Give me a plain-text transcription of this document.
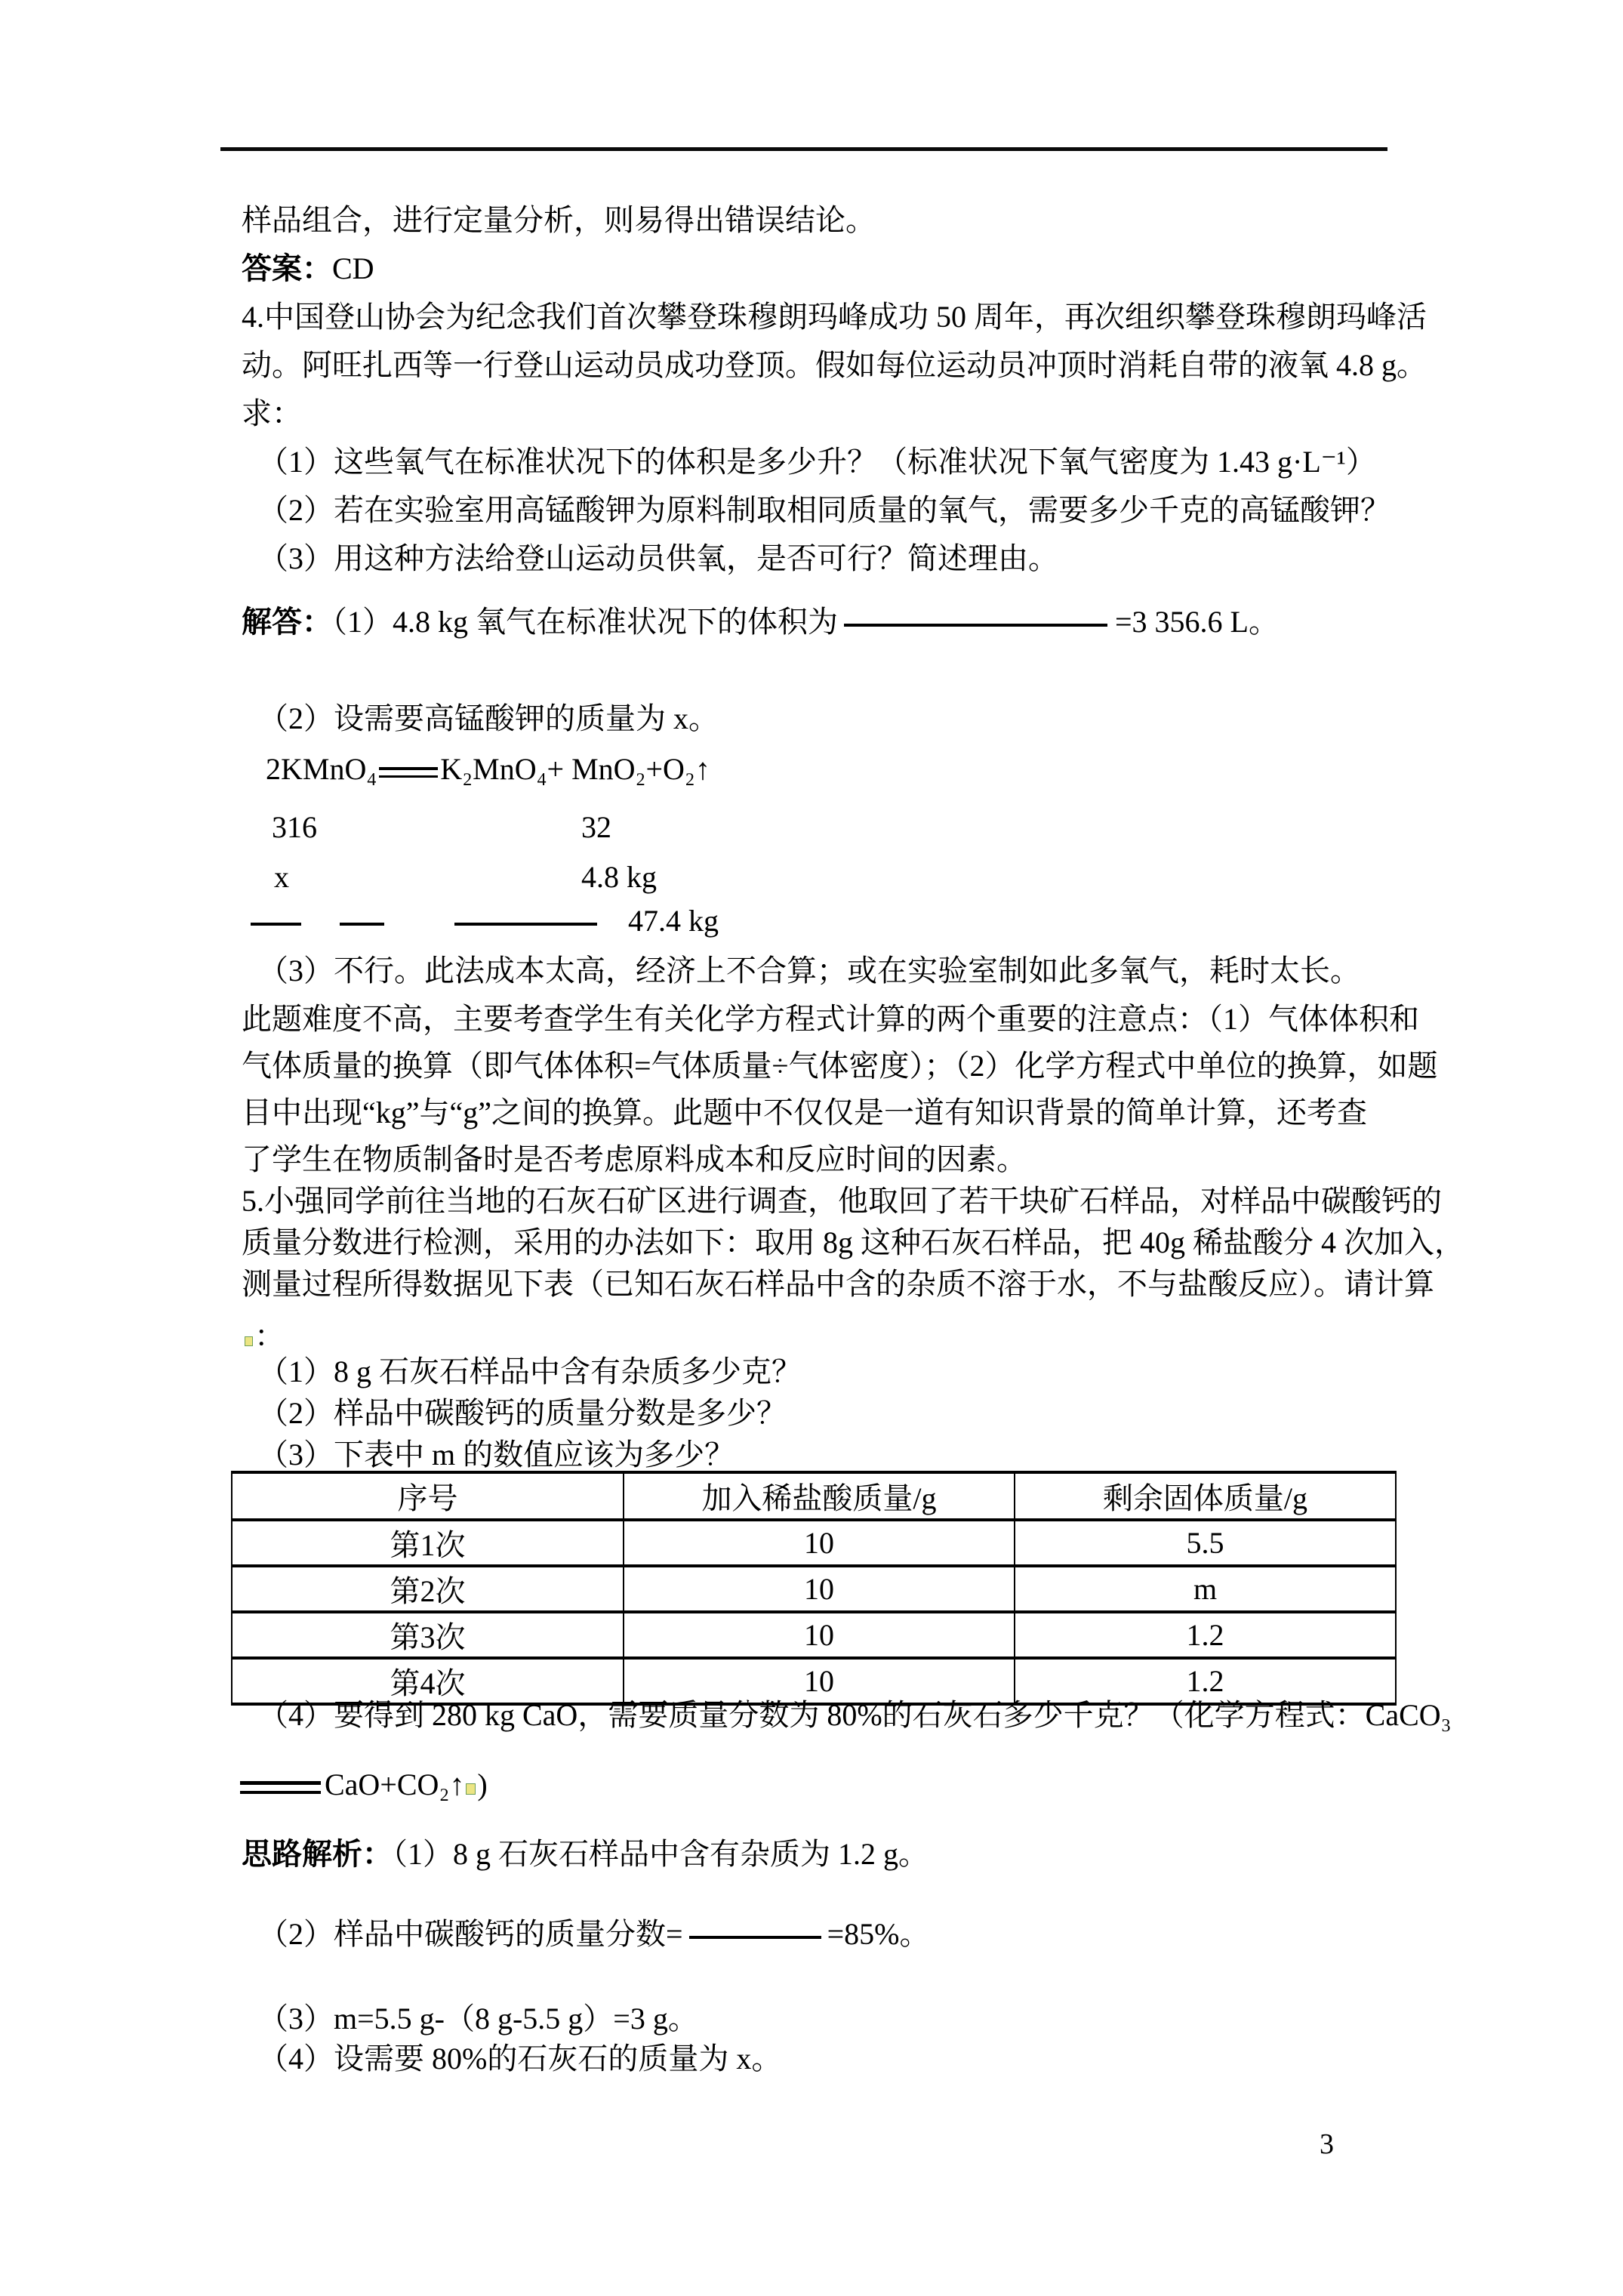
样品组合，进行定量分析，则易得出错误结论。
答案：CD
4.中国登山协会为纪念我们首次攀登珠穆朗玛峰成功 50 周年，再次组织攀登珠穆朗玛峰活
动。阿旺扎西等一行登山运动员成功登顶。假如每位运动员冲顶时消耗自带的液氧 4.8 g。
求：
（1）这些氧气在标准状况下的体积是多少升？（标准状况下氧气密度为 1.43 g·L⁻¹）
（2）若在实验室用高锰酸钾为原料制取相同质量的氧气，需要多少千克的高锰酸钾？
（3）用这种方法给登山运动员供氧，是否可行？简述理由。
解答：（1）4.8 kg 氧气在标准状况下的体积为	=3 356.6 L。
（2）设需要高锰酸钾的质量为 x。
2KMnO₄ K₂MnO₄+ MnO₂+O₂↑
316	32
x	4.8 kg
47.4 kg
（3）不行。此法成本太高，经济上不合算；或在实验室制如此多氧气，耗时太长。
此题难度不高，主要考查学生有关化学方程式计算的两个重要的注意点：（1）气体体积和
气体质量的换算（即气体体积=气体质量÷气体密度）；（2）化学方程式中单位的换算，如题
目中出现“kg”与“g”之间的换算。此题中不仅仅是一道有知识背景的简单计算，还考查
了学生在物质制备时是否考虑原料成本和反应时间的因素。
5.小强同学前往当地的石灰石矿区进行调查，他取回了若干块矿石样品，对样品中碳酸钙的
质量分数进行检测，采用的办法如下：取用 8g 这种石灰石样品，把 40g 稀盐酸分 4 次加入，
测量过程所得数据见下表（已知石灰石样品中含的杂质不溶于水，不与盐酸反应）。请计算
：
（1）8 g 石灰石样品中含有杂质多少克？
（2）样品中碳酸钙的质量分数是多少？
（3）下表中 m 的数值应该为多少？
序号	加入稀盐酸质量/g	剩余固体质量/g
第1次	10	5.5
第2次	10	m
第3次	10	1.2
第4次	10	1.2
（4）要得到 280 kg CaO，需要质量分数为 80%的石灰石多少千克？（化学方程式：CaCO₃
CaO+CO₂↑ )
思路解析：（1）8 g 石灰石样品中含有杂质为 1.2 g。
（2）样品中碳酸钙的质量分数=	=85%。
（3）m=5.5 g-（8 g-5.5 g）=3 g。
（4）设需要 80%的石灰石的质量为 x。
3
